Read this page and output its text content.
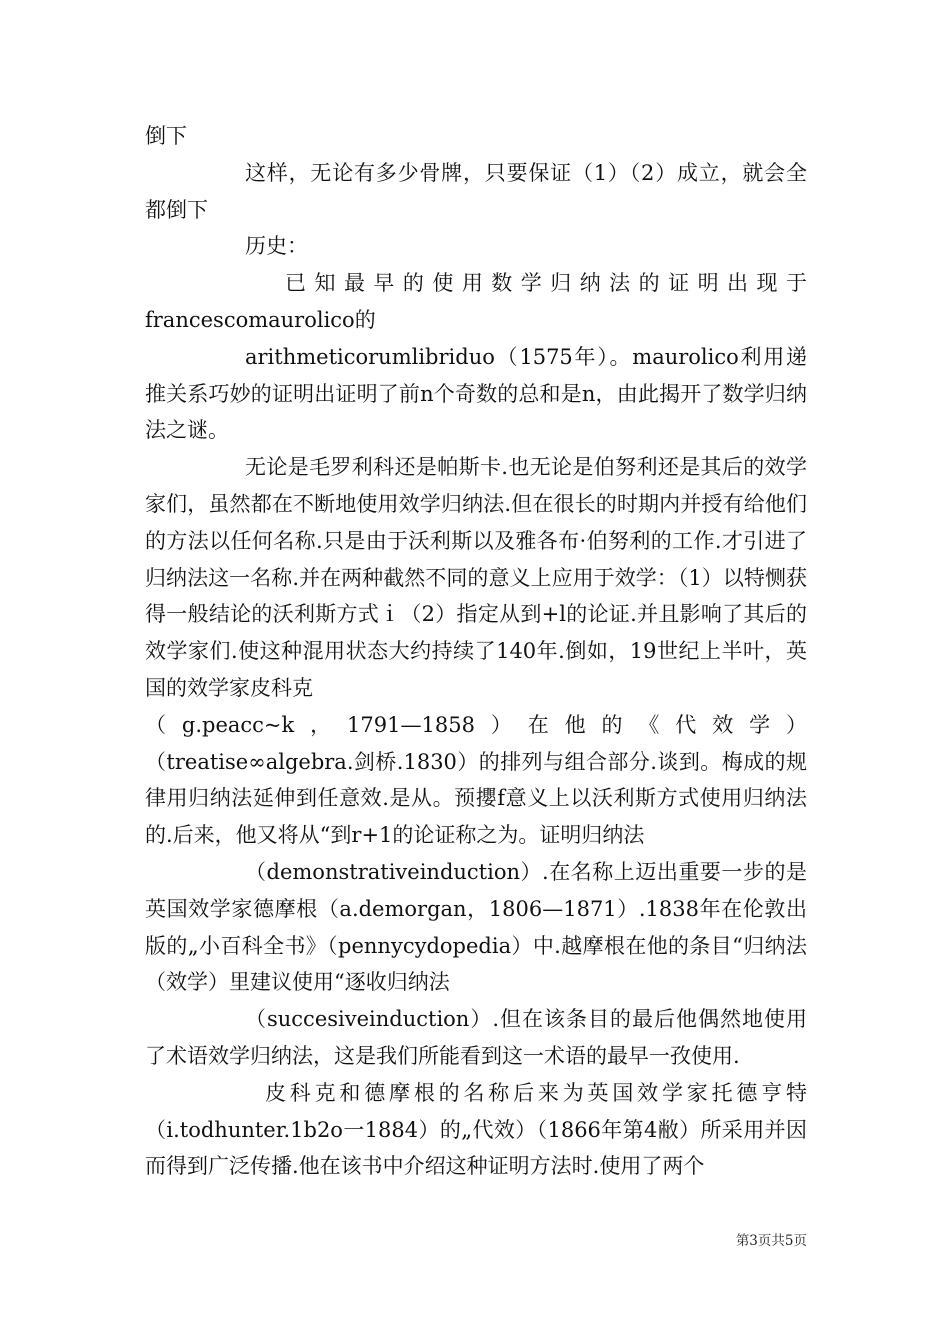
倒下

这样，无论有多少骨牌，只要保证（1）（2）成立，就会全都倒下

历史：

已知最早的使用数学归纳法的证明出现于

francescomaurolico的

arithmeticorumlibriduo（1575年）。maurolico利用递推关系巧妙的证明出证明了前n个奇数的总和是n，由此揭开了数学归纳法之谜。

无论是毛罗利科还是帕斯卡.也无论是伯努利还是其后的效学家们，虽然都在不断地使用效学归纳法.但在很长的时期内并授有给他们的方法以任何名称.只是由于沃利斯以及雅各布·伯努利的工作.才引进了归纳法这一名称.并在两种截然不同的意义上应用于效学：（1）以特恻获得一般结论的沃利斯方式ｉ（2）指定从到+l的论证.并且影响了其后的效学家们.使这种混用状态大约持续了140年.倒如，19世纪上半叶，英国的效学家皮科克

（g.peacc~k，1791—1858）在他的《代效学）

（treatise∞algebra.剑桥.1830）的排列与组合部分.谈到。梅成的规律用归纳法延伸到任意效.是从。预攖f意义上以沃利斯方式使用归纳法的.后来，他又将从“到r+1的论证称之为。证明归纳法

（demonstrativeinduction）.在名称上迈出重要一步的是英国效学家德摩根（a.demorgan，1806—1871）.1838年在伦敦出版的„小百科全书》（pennycydopedia）中.越摩根在他的条目“归纳法（效学）里建议使用“逐收归纳法

（succesiveinduction）.但在该条目的最后他偶然地使用了术语效学归纳法，这是我们所能看到这一术语的最早一孜使用.

皮科克和德摩根的名称后来为英国效学家托德亨特（i.todhunter.1b2o一1884）的„代效）（1866年第4敝）所采用并因而得到广泛传播.他在该书中介绍这种证明方法时.使用了两个

第3页共5页
